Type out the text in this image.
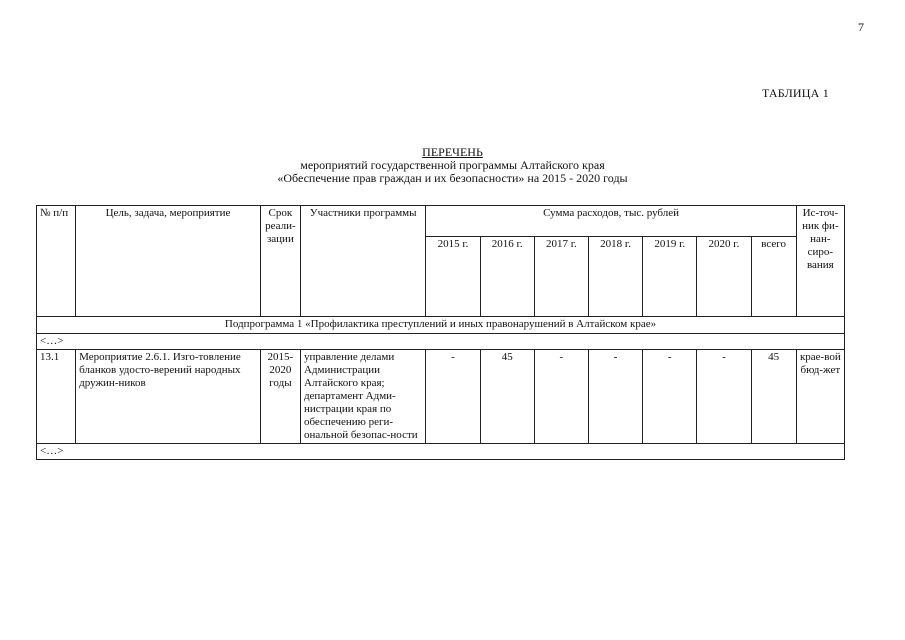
7
ТАБЛИЦА 1
ПЕРЕЧЕНЬ
мероприятий государственной программы Алтайского края
«Обеспечение прав граждан и их безопасности» на 2015 - 2020 годы
№ п/п	Цель, задача, мероприятие	Срок реали-зации	Участники программы	Сумма расходов, тыс. рублей							Ис-точ-ник фи-нан-сиро-вания
				2015 г.	2016 г.	2017 г.	2018 г.	2019 г.	2020 г.	всего	
Подпрограмма 1 «Профилактика преступлений и иных правонарушений в Алтайском крае»											
<…>											
13.1	Мероприятие 2.6.1. Изго-товление бланков удосто-верений народных дружин-ников	2015-2020 годы	управление делами Администрации Алтайского края; департамент Адми-нистрации края по обеспечению реги-ональной безопас-ности	-	45	-	-	-	-	45	крае-вой бюд-жет
<…>											
